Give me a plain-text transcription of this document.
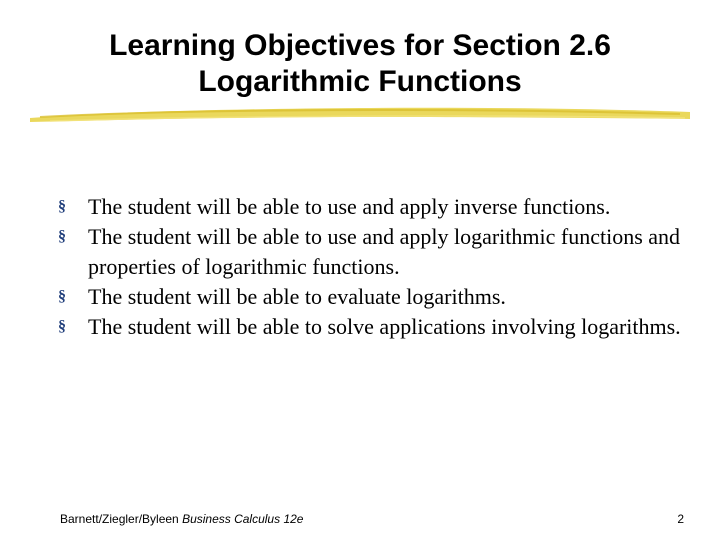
Learning Objectives for Section 2.6
Logarithmic Functions
§	The student will be able to use and apply inverse functions.
§	The student will be able to use and apply logarithmic functions and properties of logarithmic functions.
§	The student will be able to evaluate logarithms.
§	The student will be able to solve applications involving logarithms.
Barnett/Ziegler/Byleen Business Calculus 12e	2
